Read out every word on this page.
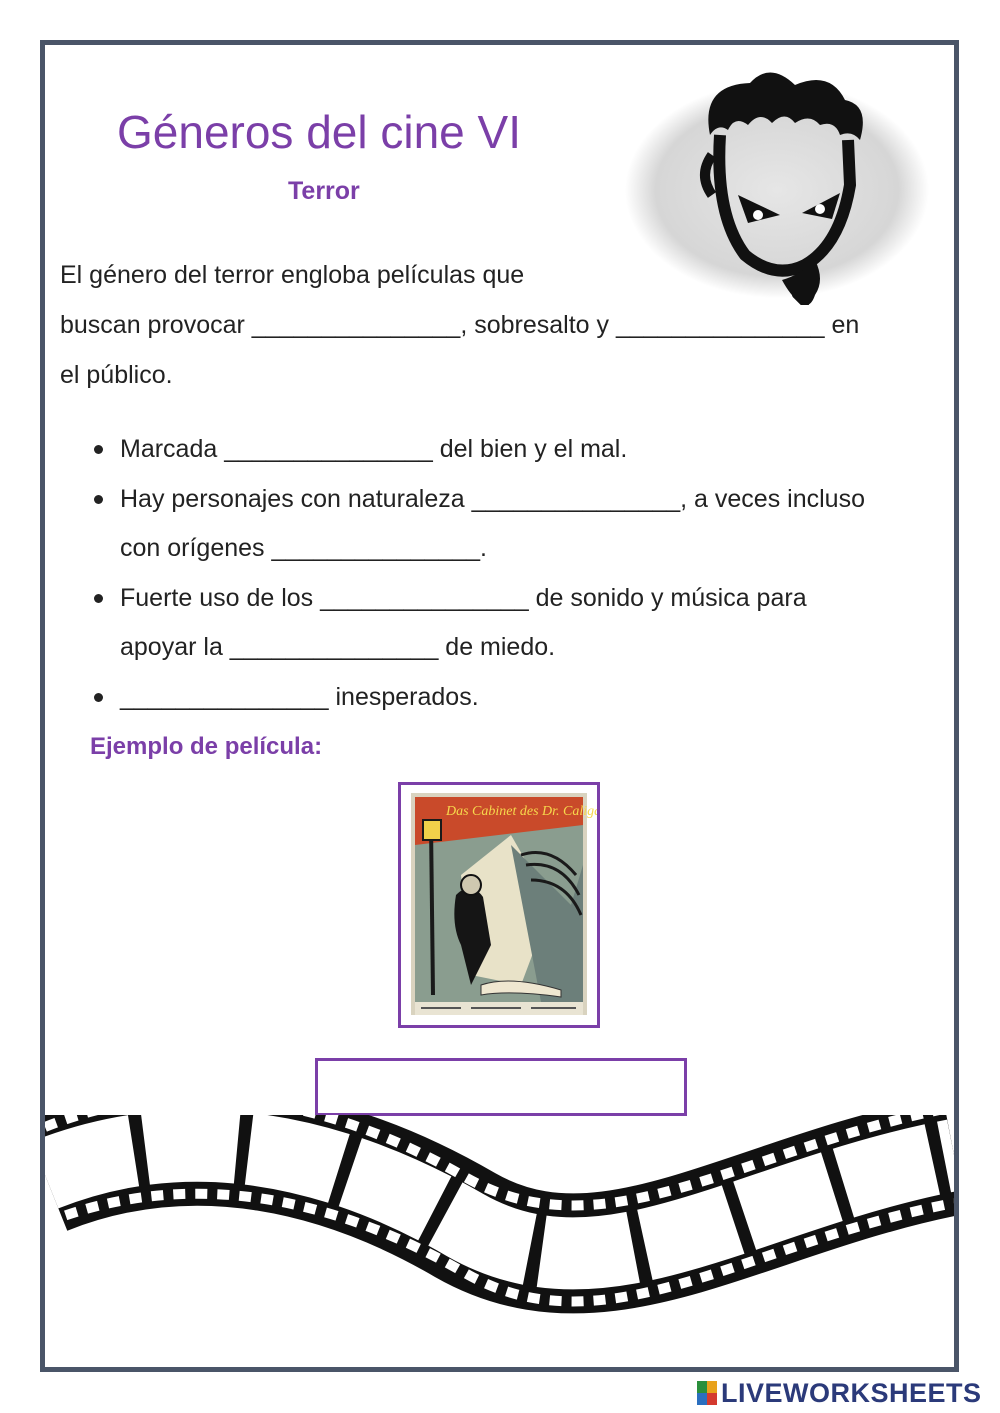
Géneros del cine VI
Terror
El género del terror engloba películas que
buscan provocar _______________, sobresalto y _______________ en
el público.
Marcada _______________ del bien y el mal.
Hay personajes con naturaleza _______________, a veces incluso
con orígenes _______________.
Fuerte uso de los _______________ de sonido y música para
apoyar la _______________ de miedo.
_______________ inesperados.
Ejemplo de película:
Das Cabinet des Dr. Caligari
LIVEWORKSHEETS
